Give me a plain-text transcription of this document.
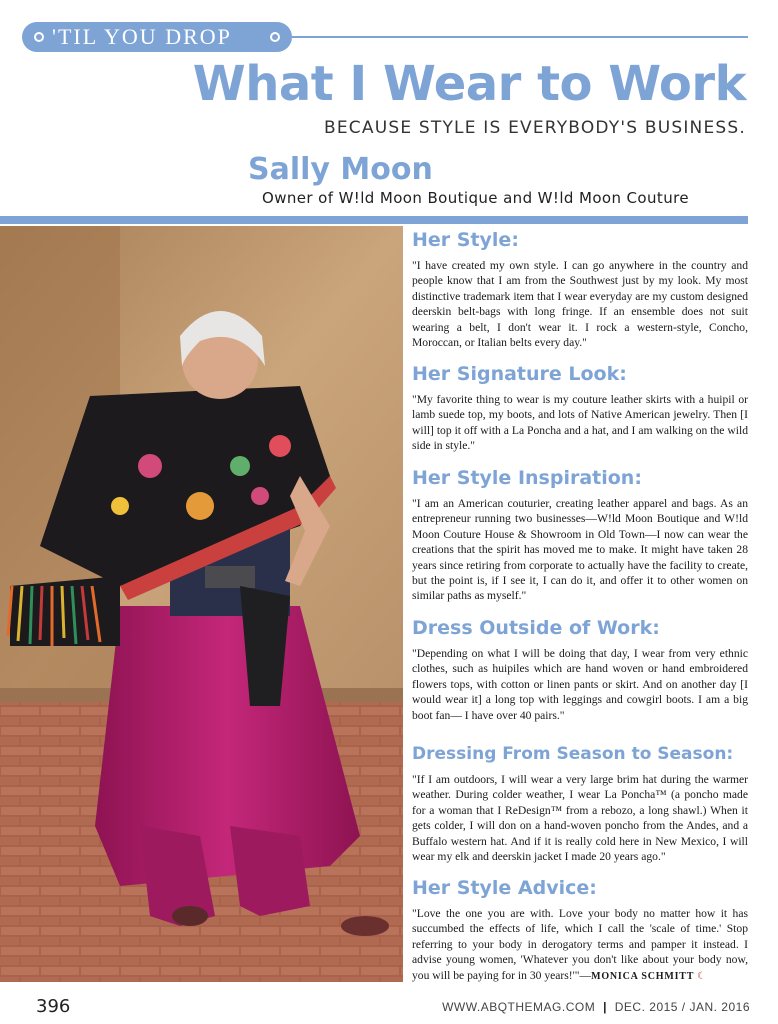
'TIL YOU DROP
What I Wear to Work
BECAUSE STYLE IS EVERYBODY'S BUSINESS.
Sally Moon
Owner of W!ld Moon Boutique and W!ld Moon Couture
Her Style:

"I have created my own style. I can go anywhere in the country and people know that I am from the Southwest just by my look. My most distinctive trademark item that I wear everyday are my custom designed deerskin belt-bags with long fringe. If an ensemble does not suit wearing a belt, I don't wear it. I rock a western-style, Concho, Moroccan, or Italian belts every day."

Her Signature Look:

"My favorite thing to wear is my couture leather skirts with a huipil or lamb suede top, my boots, and lots of Native American jewelry. Then [I will] top it off with a La Poncha and a hat, and I am walking on the wild side in style."

Her Style Inspiration:

"I am an American couturier, creating leather apparel and bags. As an entrepreneur running two businesses—W!ld Moon Boutique and W!ld Moon Couture House & Showroom in Old Town—I now can wear the creations that the spirit has moved me to make. It might have taken 28 years since retiring from corporate to actually have the facility to create, but the point is, if I see it, I can do it, and offer it to other women on similar paths as myself."

Dress Outside of Work:

"Depending on what I will be doing that day, I wear from very ethnic clothes, such as huipiles which are hand woven or hand embroidered flowers tops, with cotton or linen pants or skirt. And on another day [I would wear it] a long top with leggings and cowgirl boots. I am a big boot fan— I have over 40 pairs."

Dressing From Season to Season:

"If I am outdoors, I will wear a very large brim hat during the warmer weather. During colder weather, I wear La Poncha™ (a poncho made for a woman that I ReDesign™ from a rebozo, a long shawl.) When it gets colder, I will don on a hand-woven poncho from the Andes, and a Buffalo western hat. And if it is really cold here in New Mexico, I will wear my elk and deerskin jacket I made 20 years ago."

Her Style Advice:

"Love the one you are with. Love your body no matter how it has succumbed the effects of life, which I call the 'scale of time.' Stop referring to your body in derogatory terms and pamper it instead. I advise young women, 'Whatever you don't like about your body now, you will be paying for in 30 years!'"—MONICA SCHMITT ☾

396	WWW.ABQTHEMAG.COM | DEC. 2015 / JAN. 2016
